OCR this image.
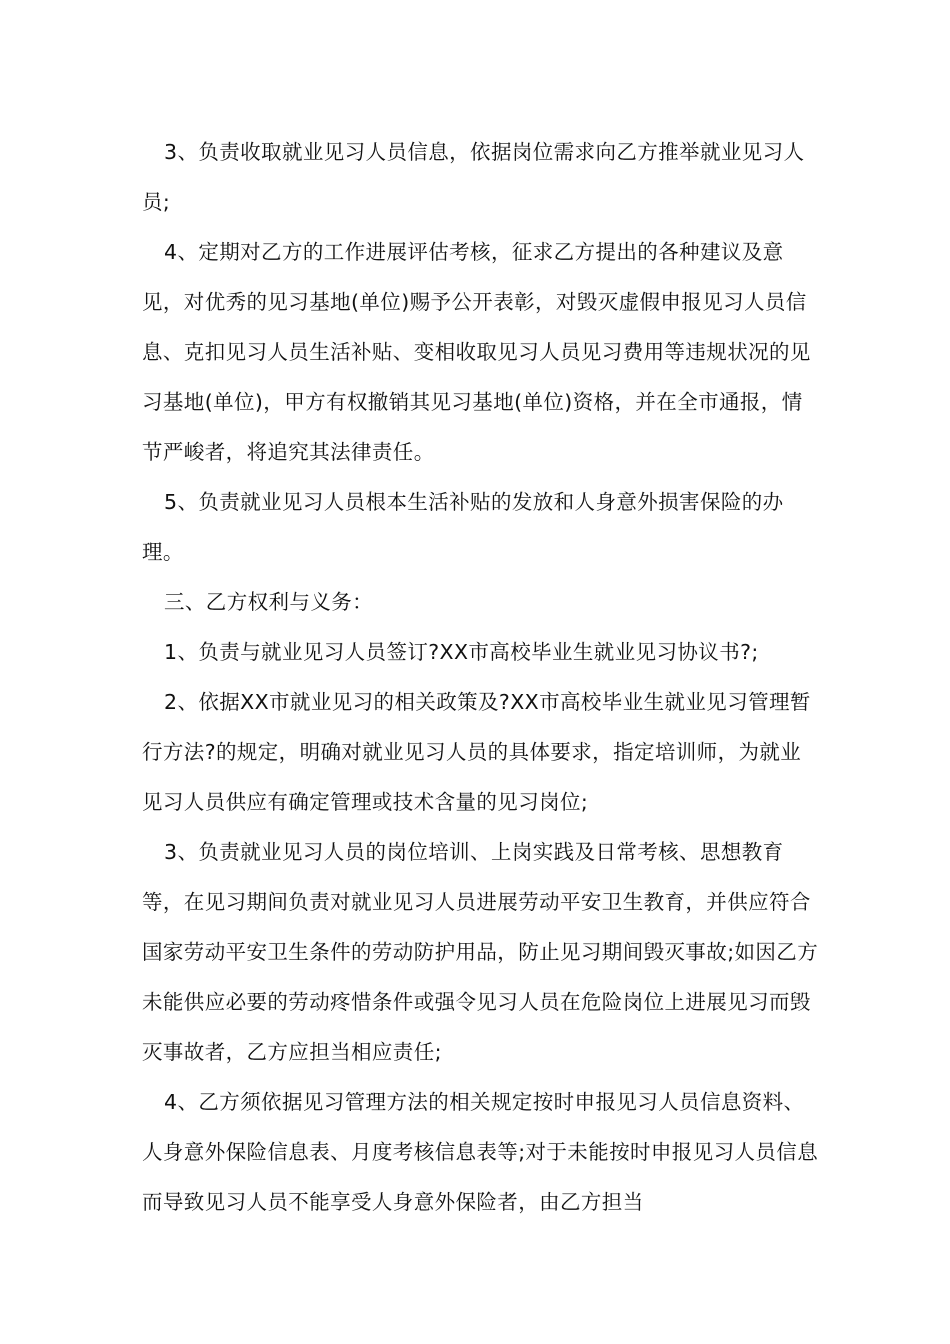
3、负责收取就业见习人员信息，依据岗位需求向乙方推举就业见习人员;

4、定期对乙方的工作进展评估考核，征求乙方提出的各种建议及意见，对优秀的见习基地(单位)赐予公开表彰，对毁灭虚假申报见习人员信息、克扣见习人员生活补贴、变相收取见习人员见习费用等违规状况的见习基地(单位)，甲方有权撤销其见习基地(单位)资格，并在全市通报，情节严峻者，将追究其法律责任。

5、负责就业见习人员根本生活补贴的发放和人身意外损害保险的办理。

三、乙方权利与义务：

1、负责与就业见习人员签订?XX市高校毕业生就业见习协议书?;

2、依据XX市就业见习的相关政策及?XX市高校毕业生就业见习管理暂行方法?的规定，明确对就业见习人员的具体要求，指定培训师，为就业见习人员供应有确定管理或技术含量的见习岗位;

3、负责就业见习人员的岗位培训、上岗实践及日常考核、思想教育等，在见习期间负责对就业见习人员进展劳动平安卫生教育，并供应符合国家劳动平安卫生条件的劳动防护用品，防止见习期间毁灭事故;如因乙方未能供应必要的劳动疼惜条件或强令见习人员在危险岗位上进展见习而毁灭事故者，乙方应担当相应责任;

4、乙方须依据见习管理方法的相关规定按时申报见习人员信息资料、人身意外保险信息表、月度考核信息表等;对于未能按时申报见习人员信息而导致见习人员不能享受人身意外保险者，由乙方担当
